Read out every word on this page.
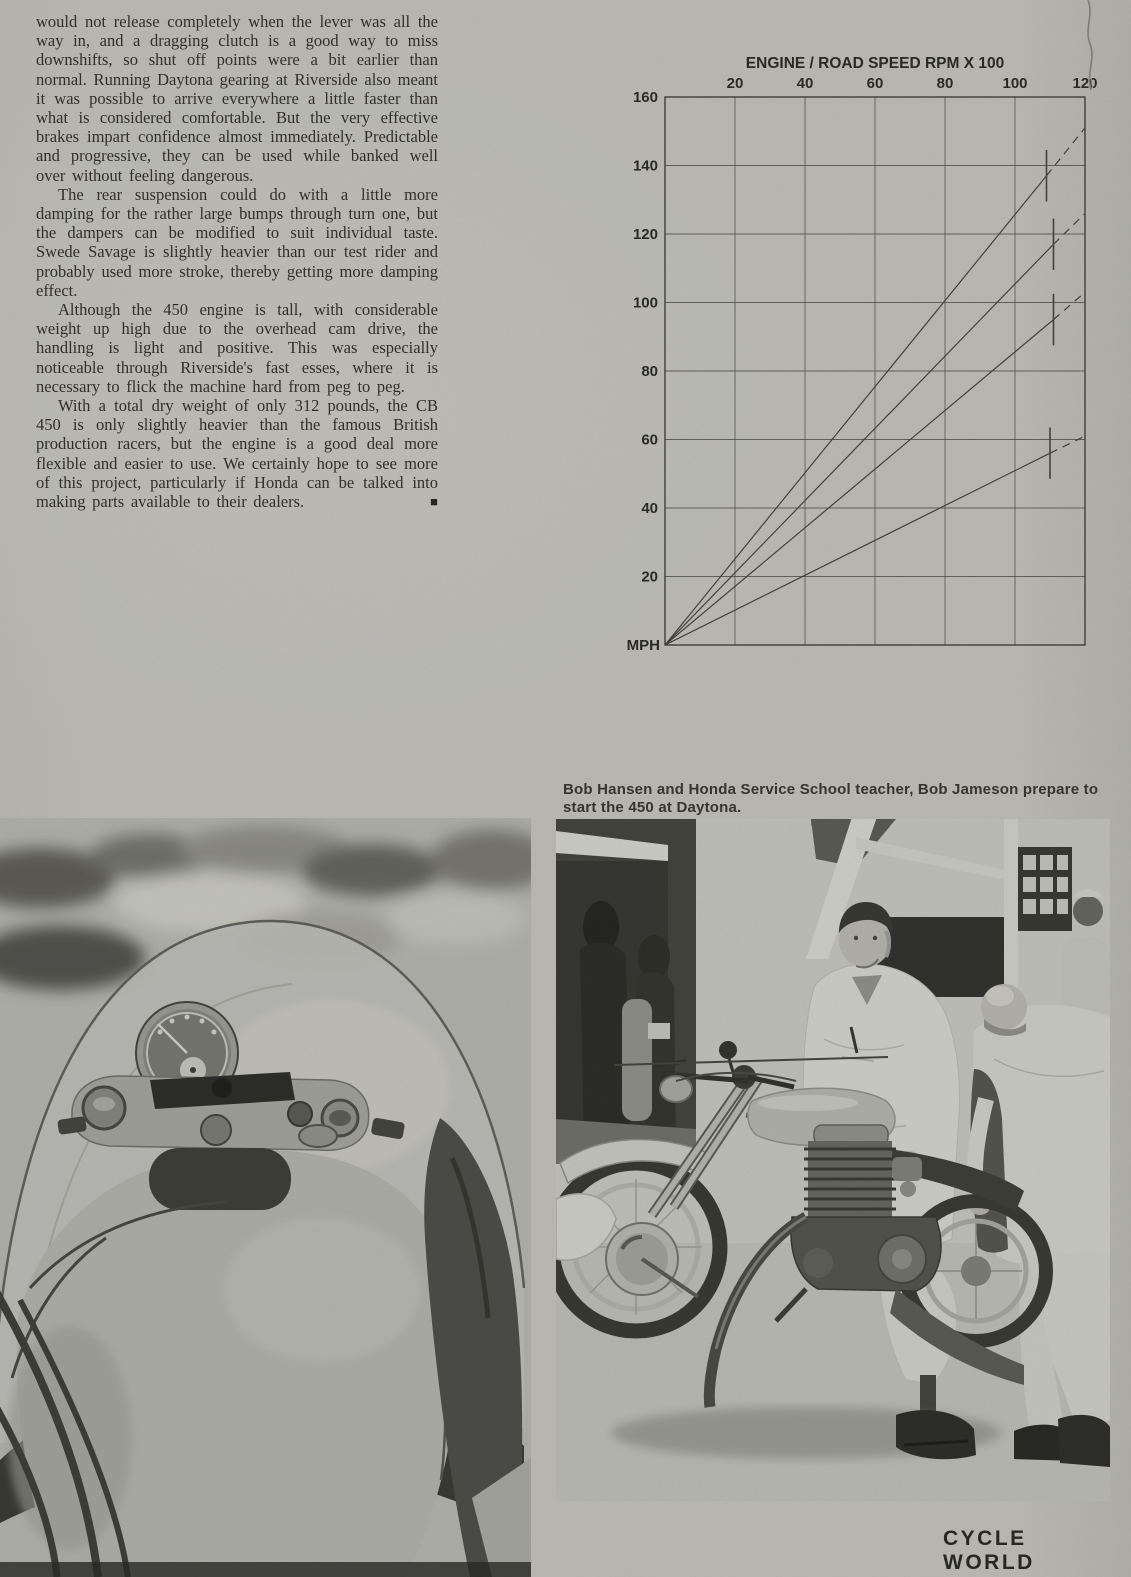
would not release completely when the lever was all the way in, and a dragging clutch is a good way to miss downshifts, so shut off points were a bit earlier than normal. Running Daytona gearing at Riverside also meant it was possible to arrive everywhere a little faster than what is considered comfortable. But the very effective brakes impart confidence almost immediately. Predictable and progressive, they can be used while banked well over without feeling dangerous.

The rear suspension could do with a little more damping for the rather large bumps through turn one, but the dampers can be modified to suit individual taste. Swede Savage is slightly heavier than our test rider and probably used more stroke, thereby getting more damping effect.

Although the 450 engine is tall, with considerable weight up high due to the overhead cam drive, the handling is light and positive. This was especially noticeable through Riverside's fast esses, where it is necessary to flick the machine hard from peg to peg.

With a total dry weight of only 312 pounds, the CB 450 is only slightly heavier than the famous British production racers, but the engine is a good deal more flexible and easier to use. We certainly hope to see more of this project, particularly if Honda can be talked into making parts available to their dealers.	■

ENGINE / ROAD SPEED RPM X 100
20	40	60	80	100	120
160
140
120
100
80
60
40
20
MPH

Bob Hansen and Honda Service School teacher, Bob Jameson prepare to start the 450 at Daytona.

CYCLE WORLD
